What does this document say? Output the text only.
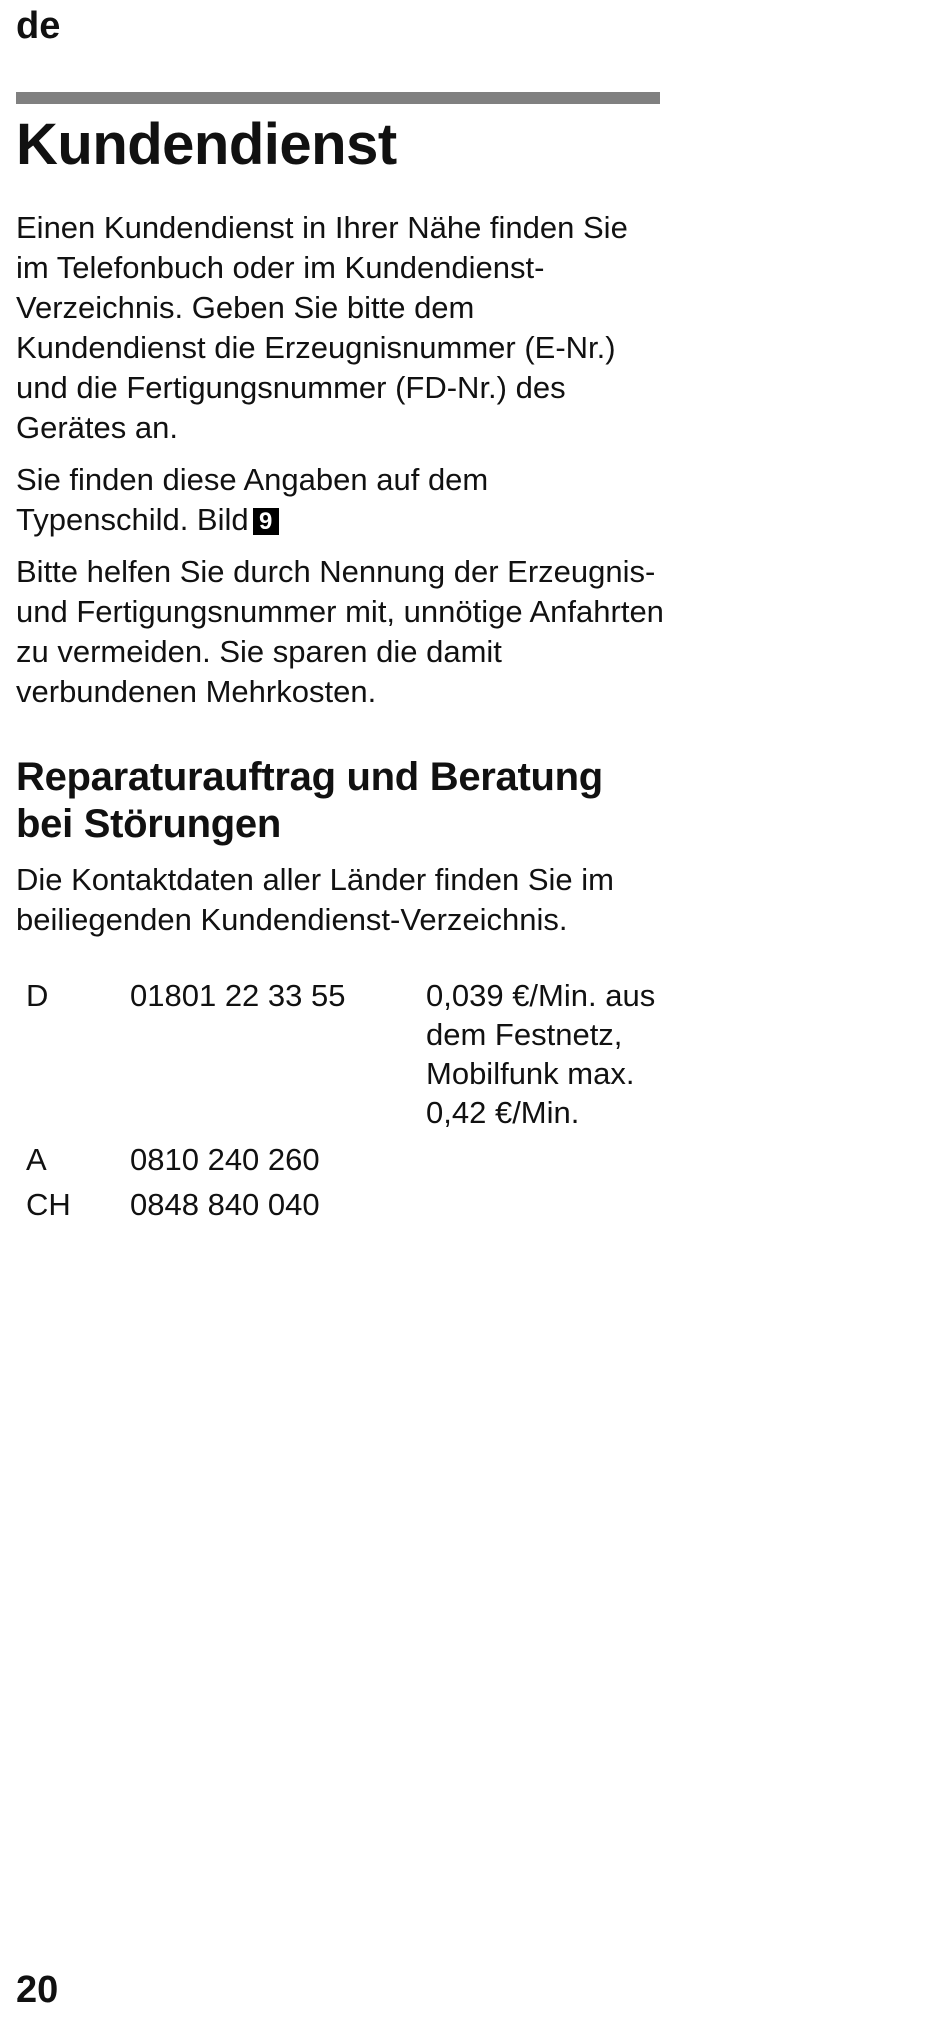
de
Kundendienst

Einen Kundendienst in Ihrer Nähe finden Sie im Telefonbuch oder im Kundendienst-Verzeichnis. Geben Sie bitte dem Kundendienst die Erzeugnisnummer (E-Nr.) und die Fertigungsnummer (FD-Nr.) des Gerätes an.

Sie finden diese Angaben auf dem Typenschild. Bild 9

Bitte helfen Sie durch Nennung der Erzeugnis- und Fertigungsnummer mit, unnötige Anfahrten zu vermeiden. Sie sparen die damit verbundenen Mehrkosten.

Reparaturauftrag und Beratung bei Störungen

Die Kontaktdaten aller Länder finden Sie im beiliegenden Kundendienst-Verzeichnis.

D	01801 22 33 55	0,039 €/Min. aus dem Festnetz, Mobilfunk max. 0,42 €/Min.
A	0810 240 260	
CH	0848 840 040	
20
